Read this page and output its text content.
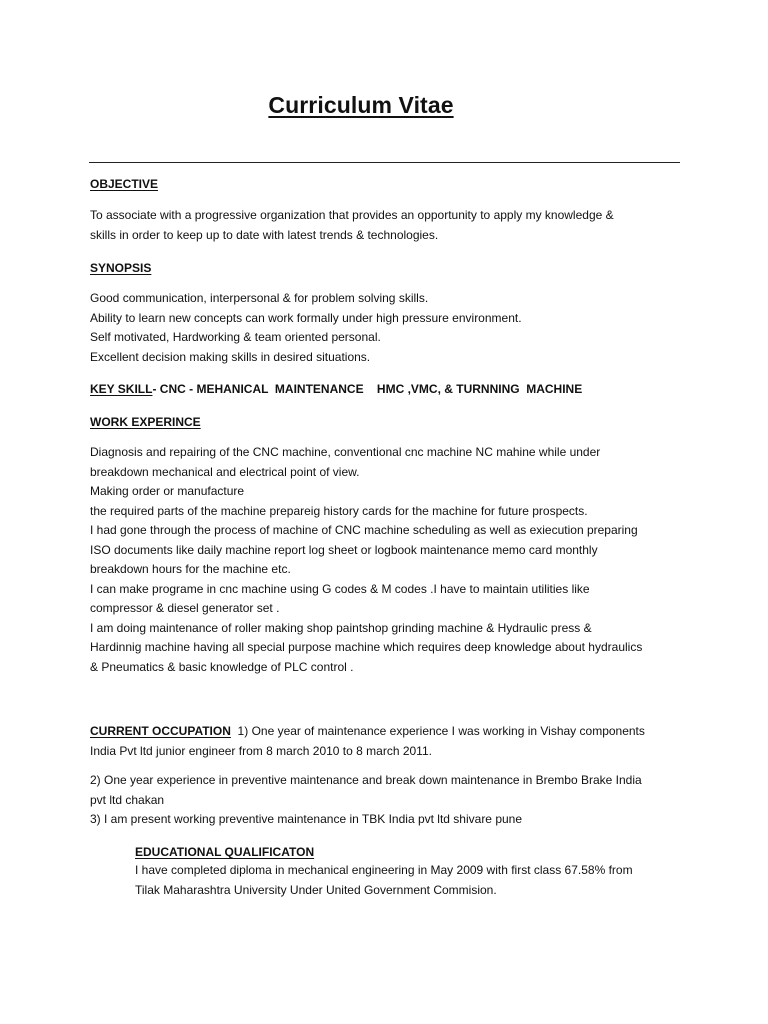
Curriculum Vitae
OBJECTIVE
To associate with a progressive organization that provides an opportunity to apply my knowledge &
skills in order to keep up to date with latest trends & technologies.
SYNOPSIS
Good communication, interpersonal & for problem solving skills.
Ability to learn new concepts can work formally under high pressure environment.
Self motivated, Hardworking & team oriented personal.
Excellent decision making skills in desired situations.
KEY SKILL- CNC - MEHANICAL  MAINTENANCE    HMC ,VMC, & TURNNING  MACHINE
WORK EXPERINCE
Diagnosis and repairing of the CNC machine, conventional cnc machine NC mahine while under
breakdown mechanical and electrical point of view.
Making order or manufacture
the required parts of the machine prepareig history cards for the machine for future prospects.
I had gone through the process of machine of CNC machine scheduling as well as exiecution preparing
ISO documents like daily machine report log sheet or logbook maintenance memo card monthly
breakdown hours for the machine etc.
I can make programe in cnc machine using G codes & M codes .I have to maintain utilities like
compressor & diesel generator set .
I am doing maintenance of roller making shop paintshop grinding machine & Hydraulic press &
Hardinnig machine having all special purpose machine which requires deep knowledge about hydraulics
& Pneumatics & basic knowledge of PLC control .
CURRENT OCCUPATION  1) One year of maintenance experience I was working in Vishay components
India Pvt ltd junior engineer from 8 march 2010 to 8 march 2011.
2) One year experience in preventive maintenance and break down maintenance in Brembo Brake India
pvt ltd chakan
3) I am present working preventive maintenance in TBK India pvt ltd shivare pune
EDUCATIONAL QUALIFICATON
I have completed diploma in mechanical engineering in May 2009 with first class 67.58% from
Tilak Maharashtra University Under United Government Commision.
